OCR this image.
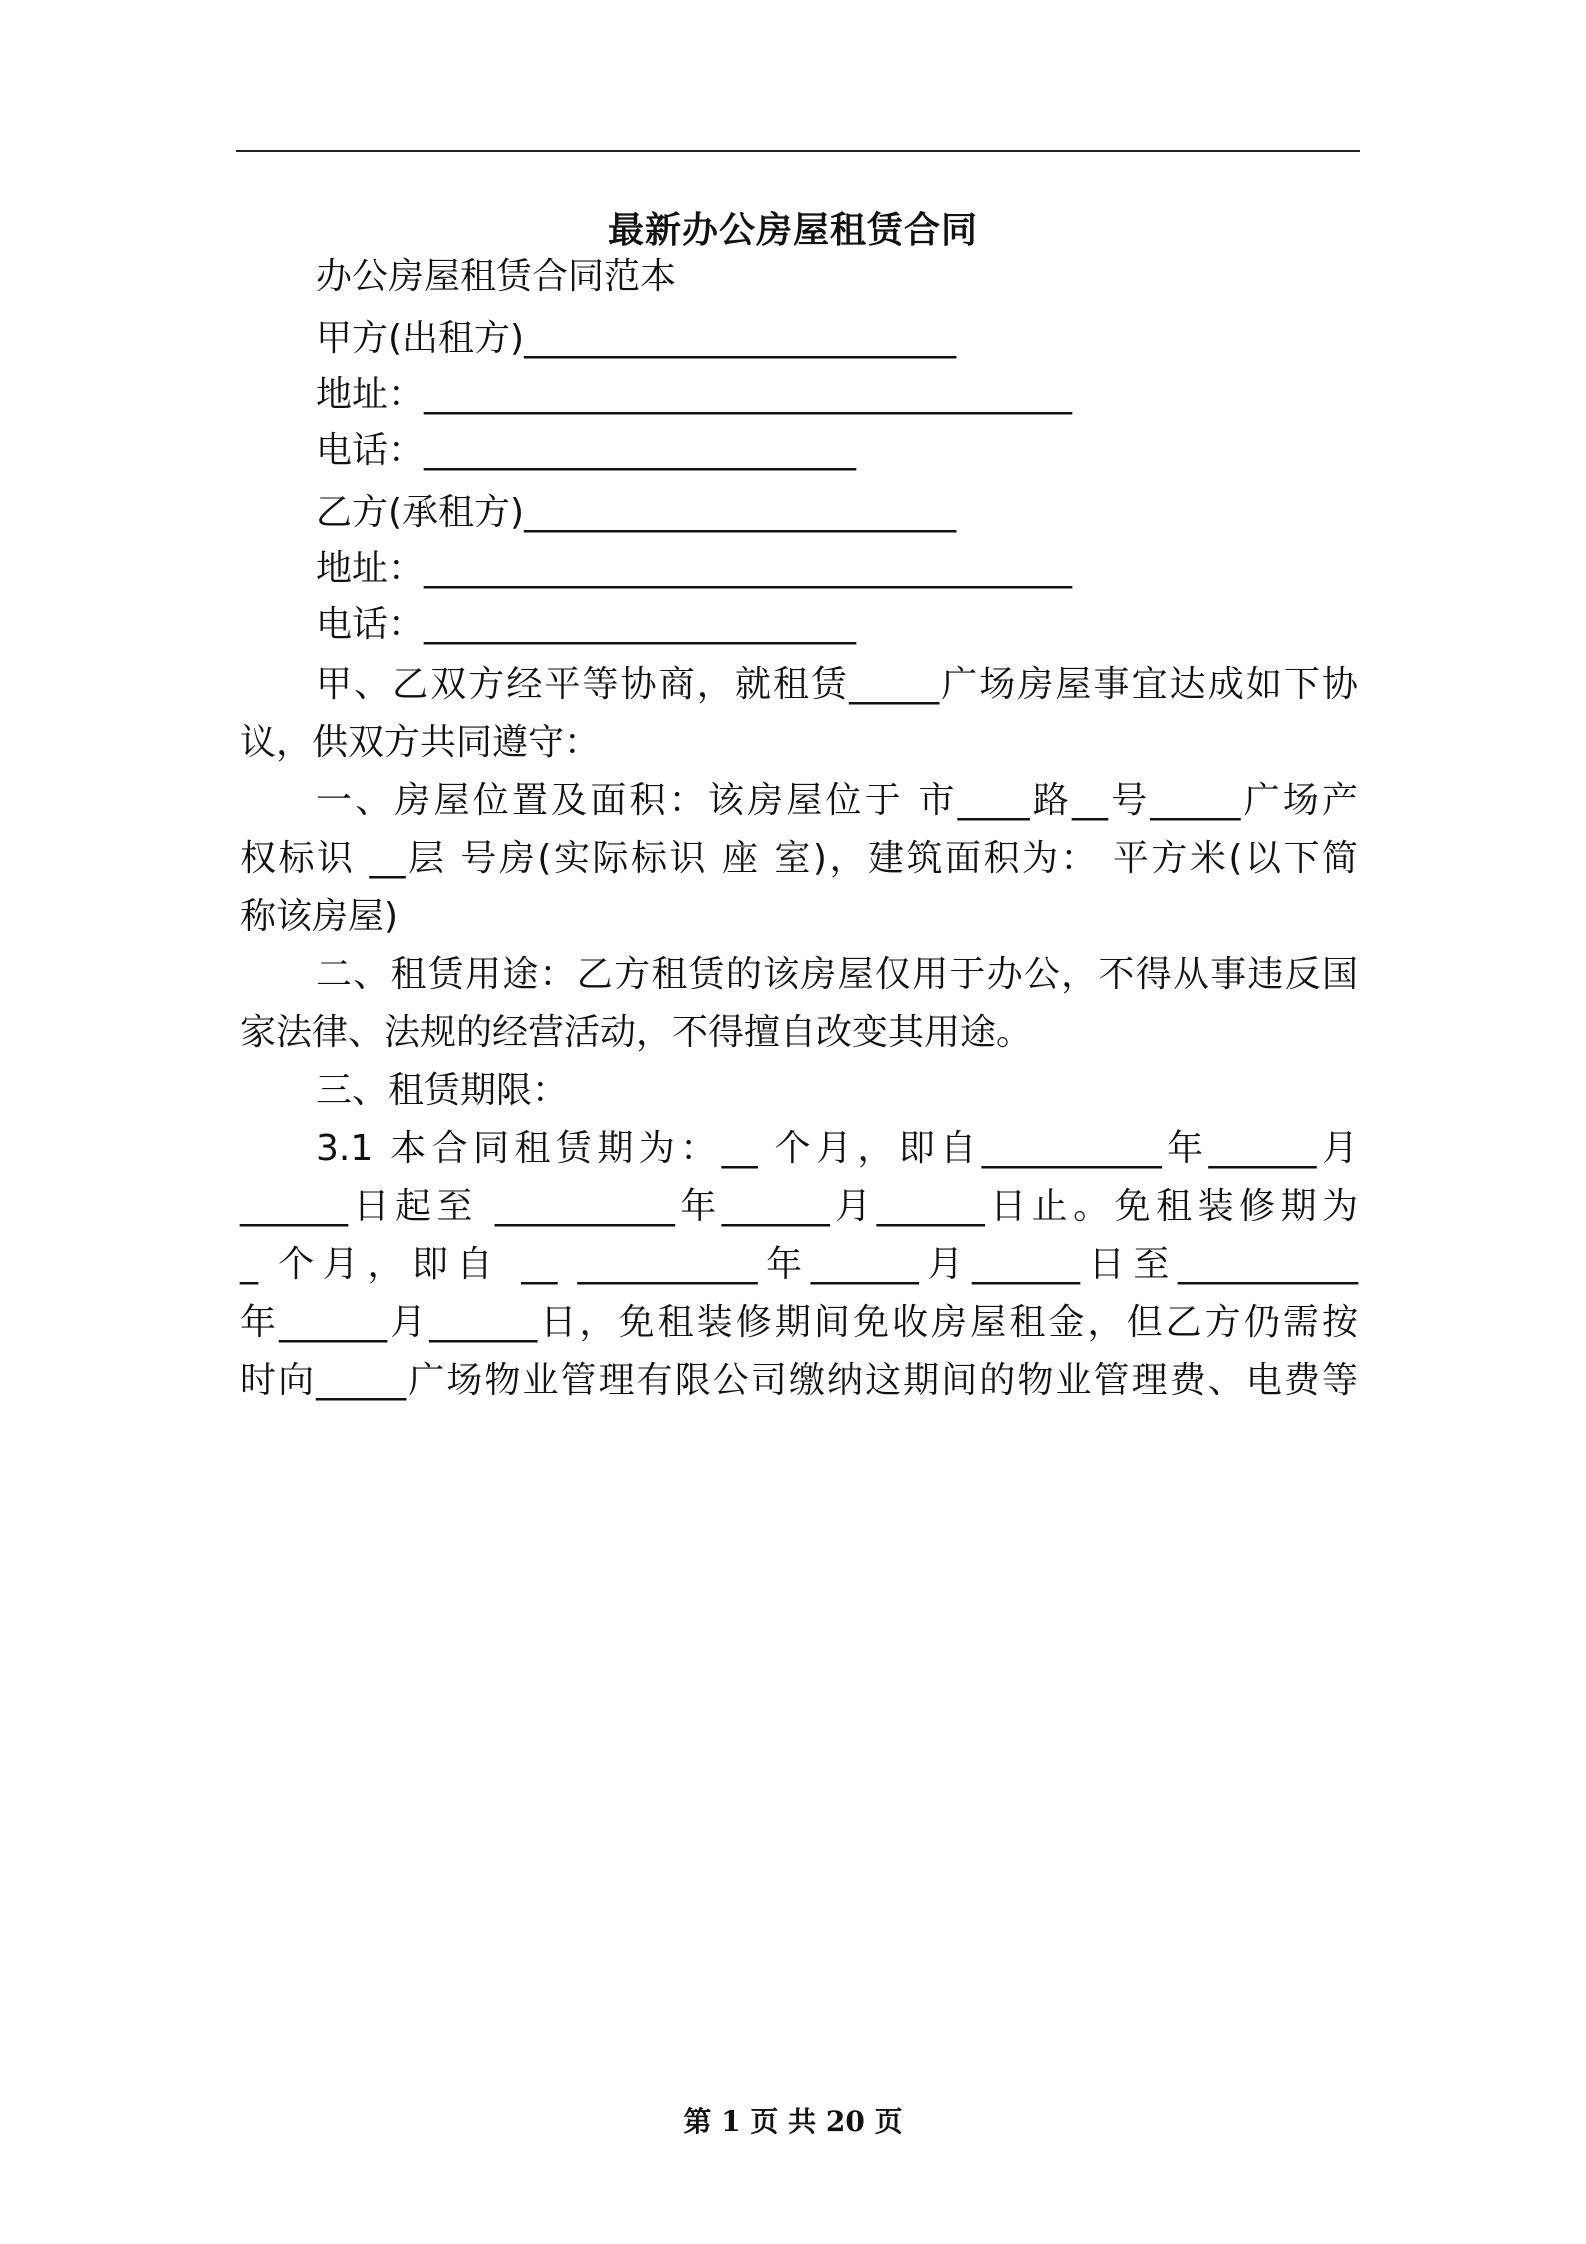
最新办公房屋租赁合同
办公房屋租赁合同范本
甲方(出租方)________________________
地址：____________________________________
电话：________________________
乙方(承租方)________________________
地址：____________________________________
电话：________________________
甲、乙双方经平等协商，就租赁_____广场房屋事宜达成如下协
议，供双方共同遵守：
一、房屋位置及面积：该房屋位于 市____路__号_____广场产
权标识 __层 号房(实际标识 座 室)，建筑面积为： 平方米(以下简
称该房屋)
二、租赁用途：乙方租赁的该房屋仅用于办公，不得从事违反国
家法律、法规的经营活动，不得擅自改变其用途。
三、租赁期限：
3.1 本合同租赁期为：__ 个月，即自__________年______月
______日起至 __________年______月______日止。免租装修期为
_ 个月，即自 __ __________年______月______日至__________
年______月______日，免租装修期间免收房屋租金，但乙方仍需按
时向_____广场物业管理有限公司缴纳这期间的物业管理费、电费等
第 1 页 共 20 页
